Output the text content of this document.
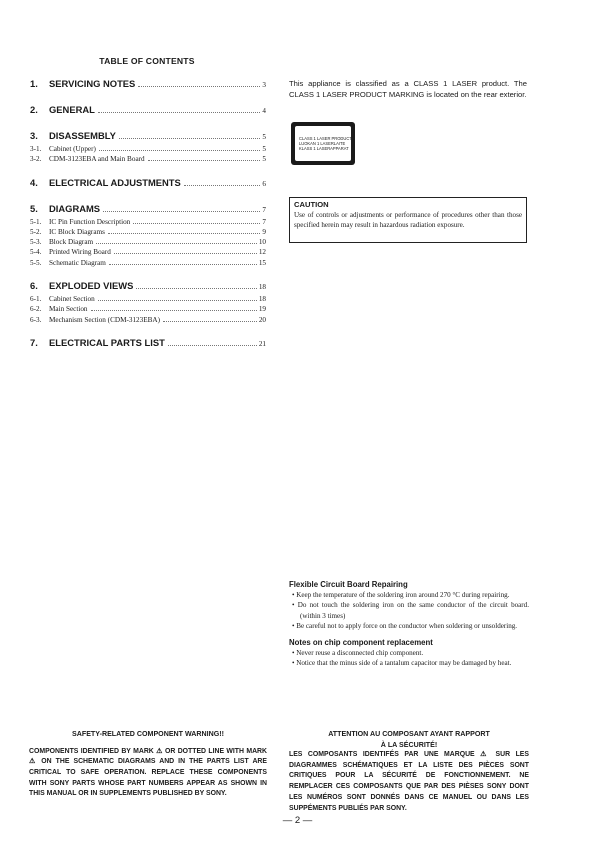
TABLE OF CONTENTS
1.	SERVICING NOTES	3
2.	GENERAL	4
3.	DISASSEMBLY	5
3-1.	Cabinet (Upper)	5
3-2.	CDM-3123EBA and Main Board	5
4.	ELECTRICAL ADJUSTMENTS	6
5.	DIAGRAMS	7
5-1.	IC Pin Function Description	7
5-2.	IC Block Diagrams	9
5-3.	Block Diagram	10
5-4.	Printed Wiring Board	12
5-5.	Schematic Diagram	15
6.	EXPLODED VIEWS	18
6-1.	Cabinet Section	18
6-2.	Main Section	19
6-3.	Mechanism Section (CDM-3123EBA)	20
7.	ELECTRICAL PARTS LIST	21

This appliance is classified as a CLASS 1 LASER product. The CLASS 1 LASER PRODUCT MARKING is located on the rear exterior.

CLASS 1 LASER PRODUCT
LUOKAN 1 LASERLAITE
KLASS 1 LASERAPPARAT
CAUTION
Use of controls or adjustments or performance of procedures other than those specified herein may result in hazardous radiation exposure.
Flexible Circuit Board Repairing

• Keep the temperature of the soldering iron around 270 °C during repairing.

• Do not touch the soldering iron on the same conductor of the circuit board. (within 3 times)

• Be careful not to apply force on the conductor when soldering or unsoldering.

Notes on chip component replacement

• Never reuse a disconnected chip component.

• Notice that the minus side of a tantalum capacitor may be damaged by heat.

SAFETY-RELATED COMPONENT WARNING!!

COMPONENTS IDENTIFIED BY MARK ⚠ OR DOTTED LINE WITH MARK ⚠ ON THE SCHEMATIC DIAGRAMS AND IN THE PARTS LIST ARE CRITICAL TO SAFE OPERATION. REPLACE THESE COMPONENTS WITH SONY PARTS WHOSE PART NUMBERS APPEAR AS SHOWN IN THIS MANUAL OR IN SUPPLEMENTS PUBLISHED BY SONY.

ATTENTION AU COMPOSANT AYANT RAPPORT
À LA SÉCURITÉ!

LES COMPOSANTS IDENTIFÉS PAR UNE MARQUE ⚠ SUR LES DIAGRAMMES SCHÉMATIQUES ET LA LISTE DES PIÈCES SONT CRITIQUES POUR LA SÉCURITÉ DE FONCTIONNEMENT. NE REMPLACER CES COMPOSANTS QUE PAR DES PIÈSES SONY DONT LES NUMÉROS SONT DONNÉS DANS CE MANUEL OU DANS LES SUPPÉMENTS PUBLIÉS PAR SONY.

— 2 —
